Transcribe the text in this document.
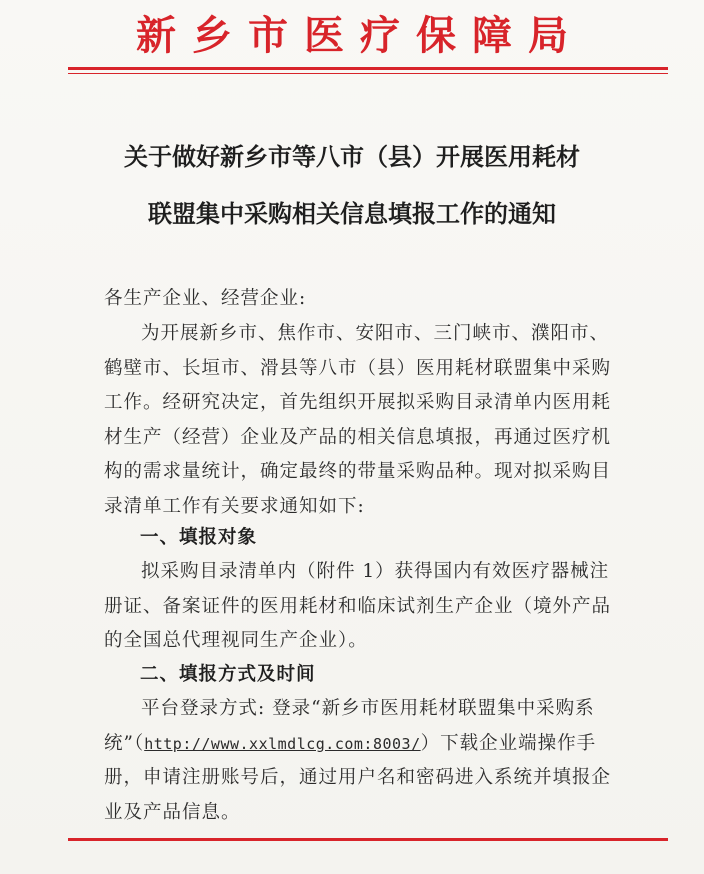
新乡市医疗保障局
关于做好新乡市等八市（县）开展医用耗材
联盟集中采购相关信息填报工作的通知
各生产企业、经营企业:
为开展新乡市、焦作市、安阳市、三门峡市、濮阳市、
鹤壁市、长垣市、滑县等八市（县）医用耗材联盟集中采购
工作。经研究决定，首先组织开展拟采购目录清单内医用耗
材生产（经营）企业及产品的相关信息填报，再通过医疗机
构的需求量统计，确定最终的带量采购品种。现对拟采购目
录清单工作有关要求通知如下:
一、填报对象
拟采购目录清单内（附件 1）获得国内有效医疗器械注
册证、备案证件的医用耗材和临床试剂生产企业（境外产品
的全国总代理视同生产企业）。
二、填报方式及时间
平台登录方式: 登录“新乡市医用耗材联盟集中采购系
统”（http://www.xxlmdlcg.com:8003/）下载企业端操作手
册，申请注册账号后，通过用户名和密码进入系统并填报企
业及产品信息。
